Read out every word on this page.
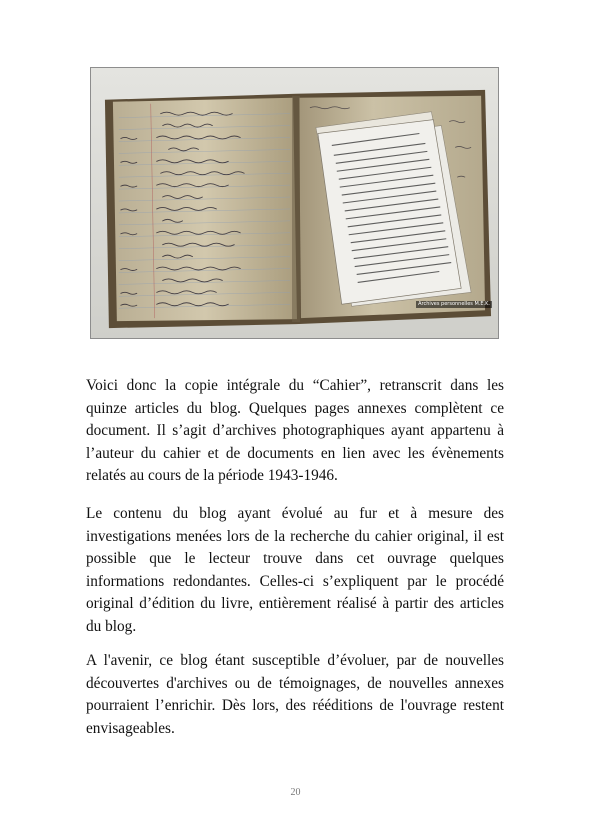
Archives personnelles M.E.K.

Voici donc la copie intégrale du “Cahier”, retranscrit dans les quinze articles du blog. Quelques pages annexes complètent ce document. Il s’agit d’archives photographiques ayant appartenu à l’auteur du cahier et de documents en lien avec les évènements relatés au cours de la période 1943-1946.

Le contenu du blog ayant évolué au fur et à mesure des investigations menées lors de la recherche du cahier original, il est possible que le lecteur trouve dans cet ouvrage quelques informations redondantes. Celles-ci s’expliquent par le procédé original d’édition du livre, entièrement réalisé à partir des articles du blog.

A l'avenir, ce blog étant susceptible d’évoluer, par de nouvelles découvertes d'archives ou de témoignages, de nouvelles annexes pourraient l’enrichir. Dès lors, des rééditions de l'ouvrage restent envisageables.

20
